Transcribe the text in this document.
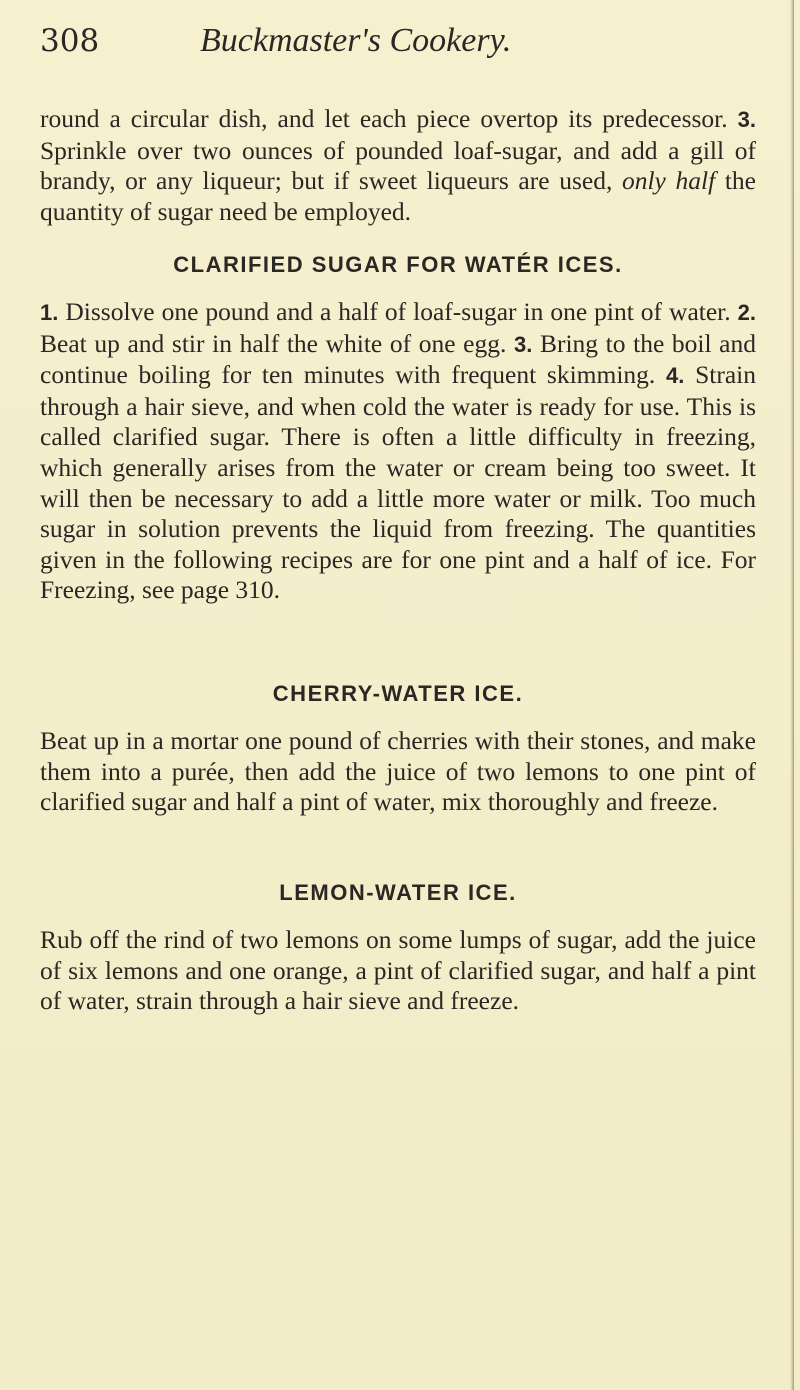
308	Buckmaster's Cookery.

round a circular dish, and let each piece overtop its predecessor. 3. Sprinkle over two ounces of pounded loaf-sugar, and add a gill of brandy, or any liqueur; but if sweet liqueurs are used, only half the quantity of sugar need be employed.

CLARIFIED SUGAR FOR WATÉR ICES.

1. Dissolve one pound and a half of loaf-sugar in one pint of water. 2. Beat up and stir in half the white of one egg. 3. Bring to the boil and continue boiling for ten minutes with frequent skimming. 4. Strain through a hair sieve, and when cold the water is ready for use. This is called clarified sugar. There is often a little difficulty in freezing, which generally arises from the water or cream being too sweet. It will then be necessary to add a little more water or milk. Too much sugar in solution prevents the liquid from freezing. The quantities given in the following recipes are for one pint and a half of ice. For Freezing, see page 310.

CHERRY-WATER ICE.

Beat up in a mortar one pound of cherries with their stones, and make them into a purée, then add the juice of two lemons to one pint of clarified sugar and half a pint of water, mix thoroughly and freeze.

LEMON-WATER ICE.

Rub off the rind of two lemons on some lumps of sugar, add the juice of six lemons and one orange, a pint of clarified sugar, and half a pint of water, strain through a hair sieve and freeze.
